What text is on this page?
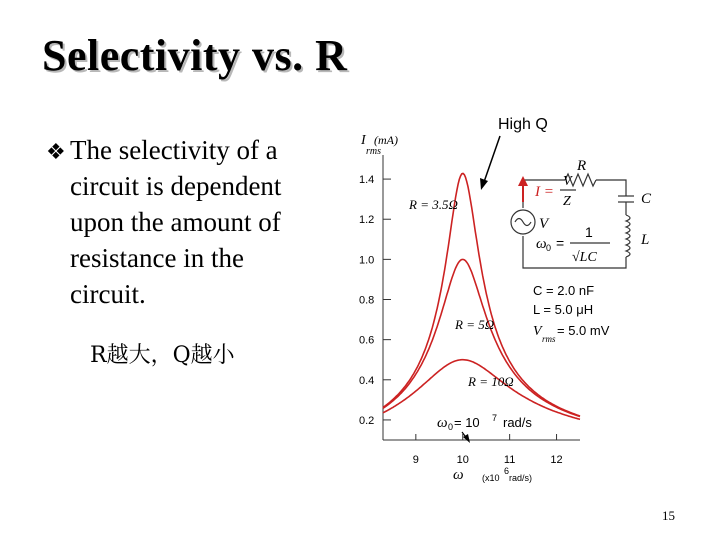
Selectivity vs. R
❖ The selectivity of a
circuit is dependent
upon the amount of
resistance in the
circuit.
R越大，Q越小
High Q
I
rms
(mA)
0.2
0.4
0.6
0.8
1.0
1.2
1.4
9	10	11	12
ω (x10
6
rad/s)
R = 3.5Ω
R = 5Ω
R = 10Ω
ω 0 = 10 7 rad/s
R
C
L
I =
V
Z
V
ω 0 =
1
√LC
C = 2.0 nF
L = 5.0 μH
V rms
= 5.0 mV
15
